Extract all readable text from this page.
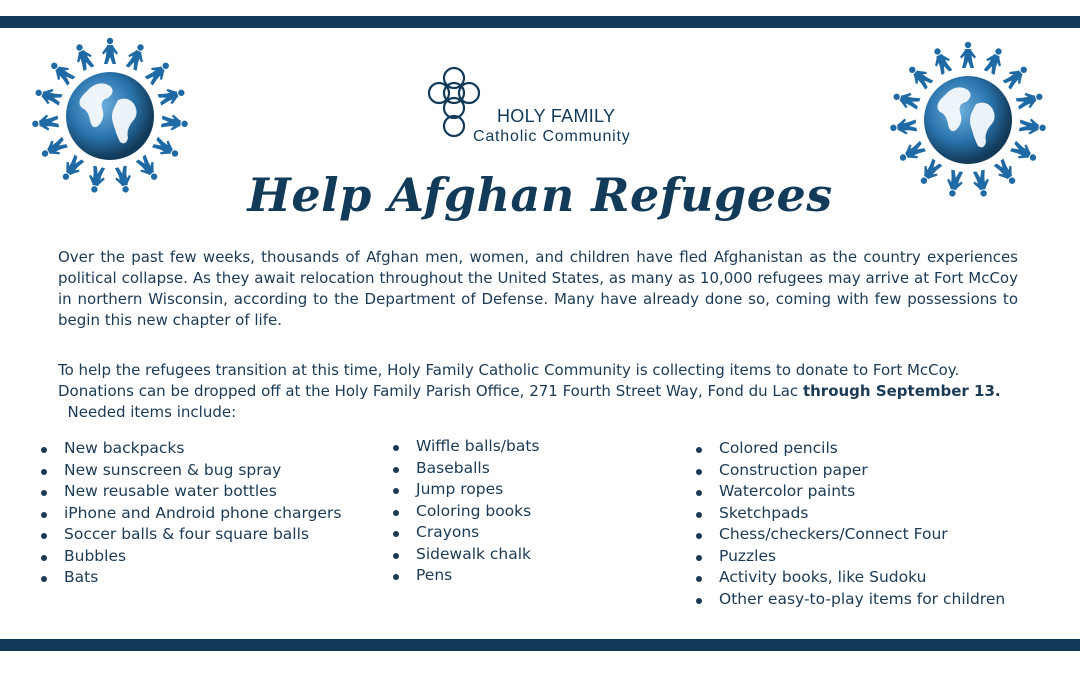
HOLY FAMILY
Catholic Community
Help Afghan Refugees
Over the past few weeks, thousands of Afghan men, women, and children have fled Afghanistan as the country experiences political collapse. As they await relocation throughout the United States, as many as 10,000 refugees may arrive at Fort McCoy in northern Wisconsin, according to the Department of Defense. Many have already done so, coming with few possessions to begin this new chapter of life.
To help the refugees transition at this time, Holy Family Catholic Community is collecting items to donate to Fort McCoy. Donations can be dropped off at the Holy Family Parish Office, 271 Fourth Street Way, Fond du Lac through September 13.  Needed items include:
New backpacks
New sunscreen & bug spray
New reusable water bottles
iPhone and Android phone chargers
Soccer balls & four square balls
Bubbles
Bats
Wiffle balls/bats
Baseballs
Jump ropes
Coloring books
Crayons
Sidewalk chalk
Pens
Colored pencils
Construction paper
Watercolor paints
Sketchpads
Chess/checkers/Connect Four
Puzzles
Activity books, like Sudoku
Other easy-to-play items for children
